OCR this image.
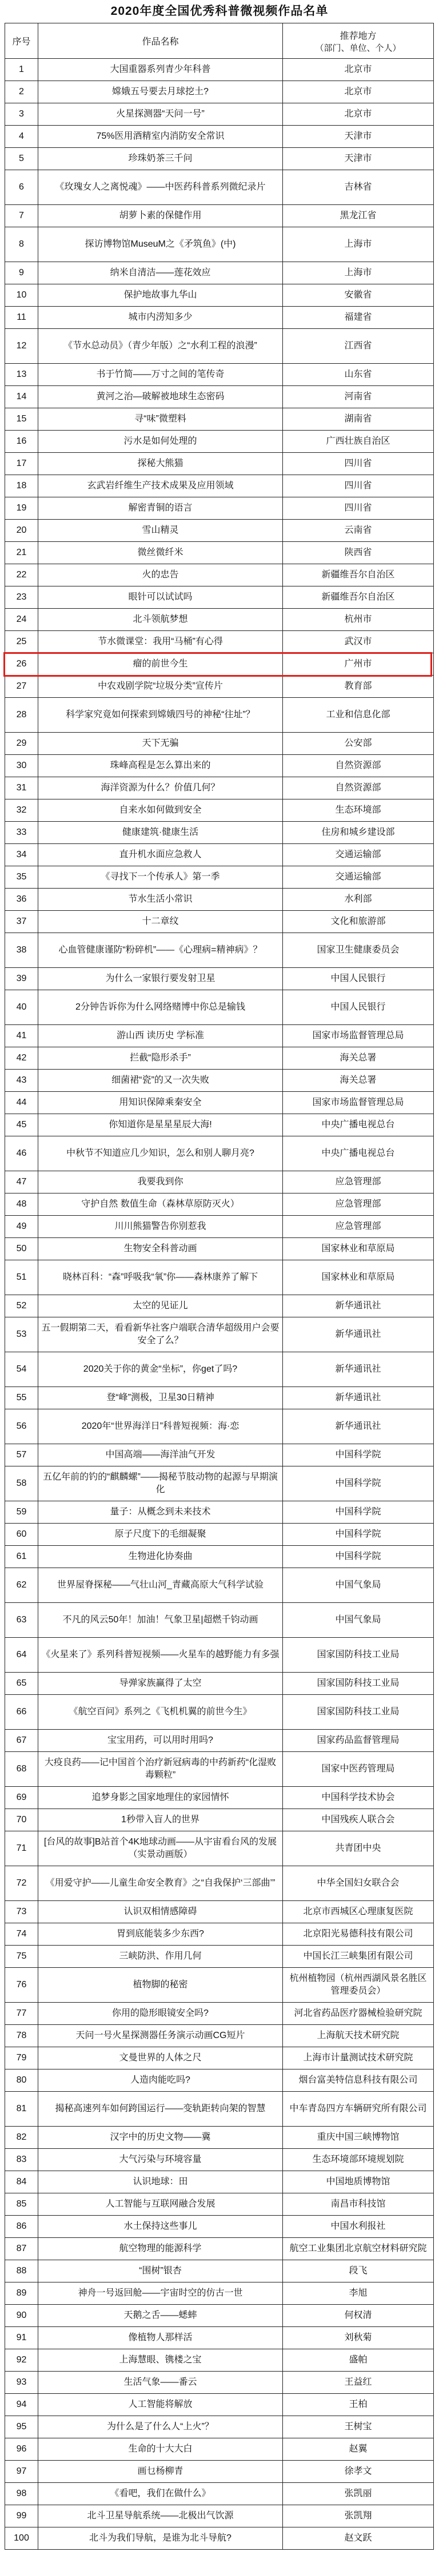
2020年度全国优秀科普微视频作品名单
序号	作品名称	推荐地方
（部门、单位、个人）

1	大国重器系列青少年科普	北京市
2	嫦娥五号要去月球挖土?	北京市
3	火星探测器“天问一号”	北京市
4	75%医用酒精室内消防安全常识	天津市
5	珍珠奶茶三千问	天津市
6	《玫瑰女人之离悦魂》——中医药科普系列微纪录片	吉林省
7	胡萝卜素的保健作用	黑龙江省
8	探访博物馆MuseuM之《矛筑鱼》(中)	上海市
9	纳米自清洁——莲花效应	上海市
10	保护地故事九华山	安徽省
11	城市内涝知多少	福建省
12	《节水总动员》（青少年版）之“水利工程的浪漫”	江西省
13	书于竹简——万寸之间的笔传奇	山东省
14	黄河之治—破解被地球生态密码	河南省
15	寻“味”微塑料	湖南省
16	污水是如何处理的	广西壮族自治区
17	探秘大熊猫	四川省
18	玄武岩纤维生产技术成果及应用领域	四川省
19	解密青铜的语言	四川省
20	雪山精灵	云南省
21	微丝微纤米	陕西省
22	火的忠告	新疆维吾尔自治区
23	眼针可以试试吗	新疆维吾尔自治区
24	北斗领航梦想	杭州市
25	节水微课堂：我用“马桶”有心得	武汉市
26	瘤的前世今生	广州市
27	中农戏剧学院“垃圾分类”宣传片	教育部
28	科学家究竟如何探索到嫦娥四号的神秘“往址”？	工业和信息化部
29	天下无骗	公安部
30	珠峰高程是怎么算出来的	自然资源部
31	海洋资源为什么？价值几何？	自然资源部
32	自来水如何做到安全	生态环境部
33	健康建筑·健康生活	住房和城乡建设部
34	直升机水面应急救人	交通运输部
35	《寻找下一个传承人》第一季	交通运输部
36	节水生活小常识	水利部
37	十二章纹	文化和旅游部
38	心血管健康谨防“粉碎机”——《心理病=精神病》？	国家卫生健康委员会
39	为什么一家银行要发射卫星	中国人民银行
40	2分钟告诉你为什么网络赌博中你总是输钱	中国人民银行
41	游山西 读历史 学标准	国家市场监督管理总局
42	拦截“隐形杀手”	海关总署
43	细菌裙“瓷”的又一次失败	海关总署
44	用知识保障乘秦安全	国家市场监督管理总局
45	你知道你是星星星辰大海!	中央广播电视总台
46	中秋节不知道应几少知识，怎么和别人聊月亮?	中央广播电视总台
47	我要我到你	应急管理部
48	守护自然 数值生命（森林草原防灭火）	应急管理部
49	川川熊猫警告你别惹我	应急管理部
50	生物安全科普动画	国家林业和草原局
51	晓林百科：“森”呼吸我“氧”你——森林康养了解下	国家林业和草原局
52	太空的见证儿	新华通讯社
53	五一假期第二天，看看新华社客户端联合清华超级用户会要安全了么？	新华通讯社
54	2020关于你的黄金“坐标”，你get了吗?	新华通讯社
55	登“峰”测极，卫星30日精神	新华通讯社
56	2020年“世界海洋日”科普短视频：海·恋	新华通讯社
57	中国高端——海洋油气开发	中国科学院
58	五亿年前的钓的“麒麟螺”——揭秘节肢动物的起源与早期演化	中国科学院
59	量子：从概念到未来技术	中国科学院
60	原子尺度下的毛细凝聚	中国科学院
61	生物进化协奏曲	中国科学院
62	世界屋脊探秘——气壮山河_青藏高原大气科学试验	中国气象局
63	不凡的风云50年！加油！气象卫星|超燃千钧动画	中国气象局
64	《火星来了》系列科普短视频——火星车的越野能力有多强	国家国防科技工业局
65	导弹家族赢得了太空	国家国防科技工业局
66	《航空百问》系列之《飞机机翼的前世今生》	国家国防科技工业局
67	宝宝用药，可以用时用吗?	国家药品监督管理局
68	大疫良药——记中国首个治疗新冠病毒的中药新药“化湿败毒颗粒”	国家中医药管理局
69	追梦身影之国家地理住的家园情怀	中国科学技术协会
70	1秒带入盲人的世界	中国残疾人联合会
71	[台风的故事]B站首个4K地球动画——从宇宙看台风的发展（实景动画版）	共青团中央
72	《用爱守护——儿童生命安全教育》之“自我保护‘三部曲’”	中华全国妇女联合会
73	认识双相情感障碍	北京市西城区心理康复医院
74	胃到底能装多少东西?	北京阳光易德科技有限公司
75	三峡防洪、作用几何	中国长江三峡集团有限公司
76	植物脚的秘密	杭州植物园（杭州西湖风景名胜区管理委员会）
77	你用的隐形眼镜安全吗?	河北省药品医疗器械检验研究院
78	天问一号火星探测器任务演示动画CG短片	上海航天技术研究院
79	文曼世界的人体之尺	上海市计量测试技术研究院
80	人造肉能吃吗?	烟台富美特信息科技有限公司
81	揭秘高速列车如何跨国运行——变轨距转向架的智慧	中车青岛四方车辆研究所有限公司
82	汉字中的历史文物——冀	重庆中国三峡博物馆
83	大气污染与环境容量	生态环境部环境规划院
84	认识地球：田	中国地质博物馆
85	人工智能与互联网融合发展	南昌市科技馆
86	水土保持这些事儿	中国水利报社
87	航空物理的能源科学	航空工业集团北京航空材料研究院
88	“围树”银杏	段飞
89	神舟一号返回舱——宇宙时空的仿古一世	李旭
90	天鹅之舌——蟋蟀	何权清
91	像植物人那样活	刘秋菊
92	上海慧眼、镌楼之宝	盛帕
93	生活气象——番云	王益红
94	人工智能将解放	王柏
95	为什么是了什么人“上火”？	王树宝
96	生命的十大大白	赵翼
97	画乜杨柳青	徐孝文
98	《看吧，我们在做什么》	张凯丽
99	北斗卫星导航系统——北极出气饮源	张凯翔
100	北斗为我们导航，是谁为北斗导航?	赵文跃
